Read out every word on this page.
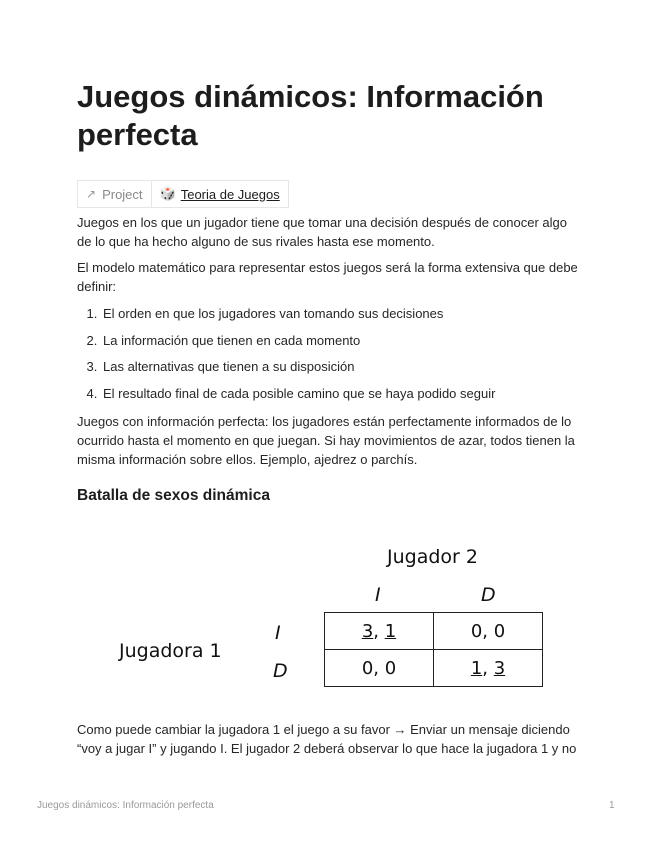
Juegos dinámicos: Información perfecta
↗ Project 🎲 Teoria de Juegos

Juegos en los que un jugador tiene que tomar una decisión después de conocer algo de lo que ha hecho alguno de sus rivales hasta ese momento.

El modelo matemático para representar estos juegos será la forma extensiva que debe definir:

1. El orden en que los jugadores van tomando sus decisiones
2. La información que tienen en cada momento
3. Las alternativas que tienen a su disposición
4. El resultado final de cada posible camino que se haya podido seguir

Juegos con información perfecta: los jugadores están perfectamente informados de lo ocurrido hasta el momento en que juegan. Si hay movimientos de azar, todos tienen la misma información sobre ellos. Ejemplo, ajedrez o parchís.

Batalla de sexos dinámica
Jugador 2
Jugadora 1
I	D
I
D
3, 1	0, 0
0, 0	1, 3

Como puede cambiar la jugadora 1 el juego a su favor → Enviar un mensaje diciendo “voy a jugar I” y jugando I. El jugador 2 deberá observar lo que hace la jugadora 1 y no

Juegos dinámicos: Información perfecta	1
